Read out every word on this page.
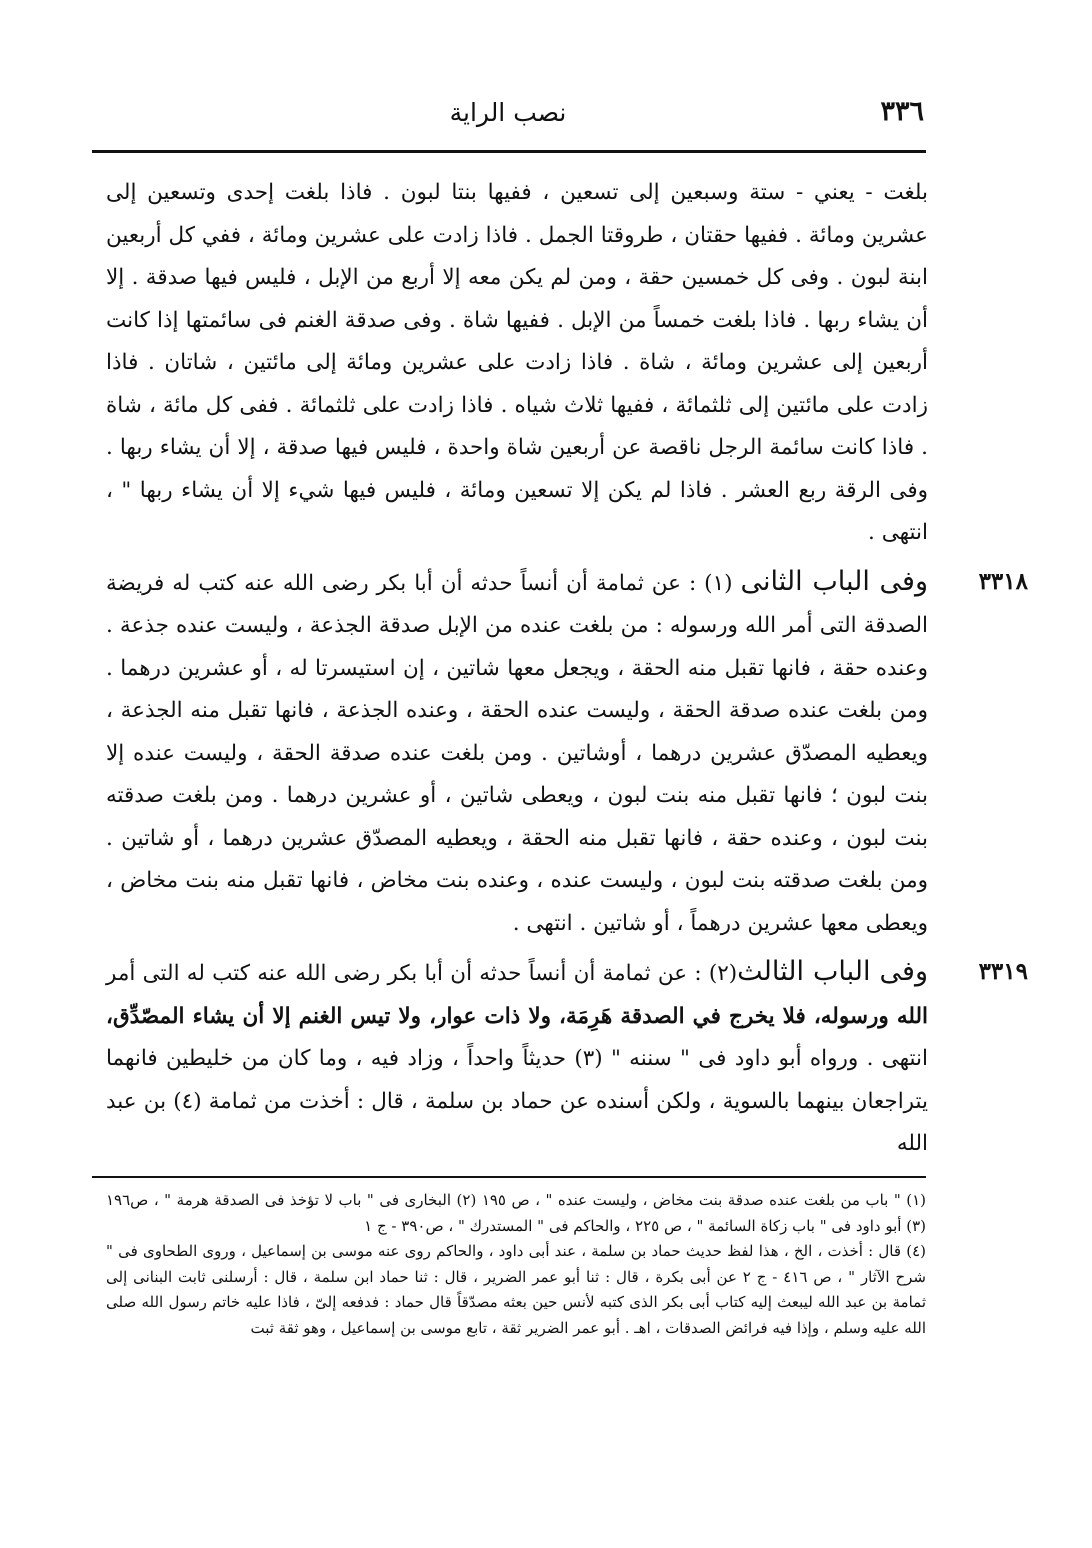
٣٣٦
نصب الراية

بلغت - يعني - ستة وسبعين إلى تسعين ، ففيها بنتا لبون . فاذا بلغت إحدى وتسعين إلى عشرين ومائة . ففيها حقتان ، طروقتا الجمل . فاذا زادت على عشرين ومائة ، ففي كل أربعين ابنة لبون . وفى كل خمسين حقة ، ومن لم يكن معه إلا أربع من الإبل ، فليس فيها صدقة . إلا أن يشاء ربها . فاذا بلغت خمساً من الإبل . ففيها شاة . وفى صدقة الغنم فى سائمتها إذا كانت أربعين إلى عشرين ومائة ، شاة . فاذا زادت على عشرين ومائة إلى مائتين ، شاتان . فاذا زادت على مائتين إلى ثلثمائة ، ففيها ثلاث شياه . فاذا زادت على ثلثمائة . ففى كل مائة ، شاة . فاذا كانت سائمة الرجل ناقصة عن أربعين شاة واحدة ، فليس فيها صدقة ، إلا أن يشاء ربها . وفى الرقة ربع العشر . فاذا لم يكن إلا تسعين ومائة ، فليس فيها شيء إلا أن يشاء ربها " ، انتهى .

٣٣١٨

وفى الباب الثانى (١) : عن ثمامة أن أنساً حدثه أن أبا بكر رضى الله عنه كتب له فريضة الصدقة التى أمر الله ورسوله : من بلغت عنده من الإبل صدقة الجذعة ، وليست عنده جذعة . وعنده حقة ، فانها تقبل منه الحقة ، ويجعل معها شاتين ، إن استيسرتا له ، أو عشرين درهما . ومن بلغت عنده صدقة الحقة ، وليست عنده الحقة ، وعنده الجذعة ، فانها تقبل منه الجذعة ، ويعطيه المصدّق عشرين درهما ، أوشاتين . ومن بلغت عنده صدقة الحقة ، وليست عنده إلا بنت لبون ؛ فانها تقبل منه بنت لبون ، ويعطى شاتين ، أو عشرين درهما . ومن بلغت صدقته بنت لبون ، وعنده حقة ، فانها تقبل منه الحقة ، ويعطيه المصدّق عشرين درهما ، أو شاتين . ومن بلغت صدقته بنت لبون ، وليست عنده ، وعنده بنت مخاض ، فانها تقبل منه بنت مخاض ، ويعطى معها عشرين درهماً ، أو شاتين . انتهى .

٣٣١٩

وفى الباب الثالث(٢) : عن ثمامة أن أنساً حدثه أن أبا بكر رضى الله عنه كتب له التى أمر الله ورسوله، فلا يخرج في الصدقة هَرِمَة، ولا ذات عوار، ولا تيس الغنم إلا أن يشاء المصّدِّق، انتهى . ورواه أبو داود فى " سننه " (٣) حديثاً واحداً ، وزاد فيه ، وما كان من خليطين فانهما يتراجعان بينهما بالسوية ، ولكن أسنده عن حماد بن سلمة ، قال : أخذت من ثمامة (٤) بن عبد الله

(١) " باب من بلغت عنده صدقة بنت مخاض ، وليست عنده " ، ص ١٩٥ (٢) البخارى فى " باب لا تؤخذ فى الصدقة هرمة " ، ص١٩٦ (٣) أبو داود فى " باب زكاة السائمة " ، ص ٢٢٥ ، والحاكم فى " المستدرك " ، ص٣٩٠ - ج ١

(٤) قال : أخذت ، الخ ، هذا لفظ حديث حماد بن سلمة ، عند أبى داود ، والحاكم روى عنه موسى بن إسماعيل ، وروى الطحاوى فى " شرح الآثار " ، ص ٤١٦ - ج ٢ عن أبى بكرة ، قال : ثنا أبو عمر الضرير ، قال : ثنا حماد ابن سلمة ، قال : أرسلنى ثابت البنانى إلى ثمامة بن عبد الله ليبعث إليه كتاب أبى بكر الذى كتبه لأنس حين بعثه مصدّقاً قال حماد : فدفعه إلىّ ، فاذا عليه خاتم رسول الله صلى الله عليه وسلم ، وإذا فيه فرائض الصدقات ، اهـ . أبو عمر الضرير ثقة ، تابع موسى بن إسماعيل ، وهو ثقة ثبت
